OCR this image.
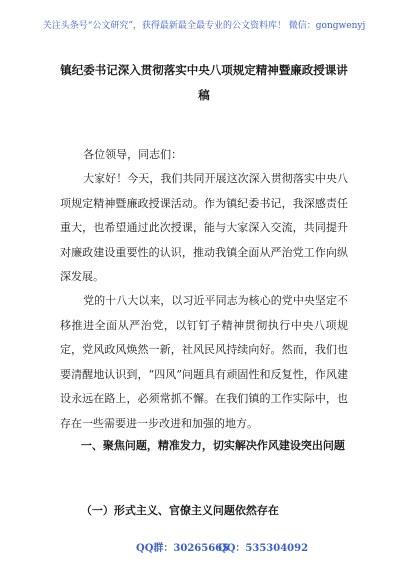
关注头条号“公文研究”，获得最新最全最专业的公文资料库！ 微信：gongwenyj
镇纪委书记深入贯彻落实中央八项规定精神暨廉政授课讲稿

各位领导，同志们：

大家好！今天，我们共同开展这次深入贯彻落实中央八项规定精神暨廉政授课活动。作为镇纪委书记，我深感责任重大，也希望通过此次授课，能与大家深入交流，共同提升对廉政建设重要性的认识，推动我镇全面从严治党工作向纵深发展。

党的十八大以来，以习近平同志为核心的党中央坚定不移推进全面从严治党，以钉钉子精神贯彻执行中央八项规定，党风政风焕然一新，社风民风持续向好。然而，我们也要清醒地认识到，“四风”问题具有顽固性和反复性，作风建设永远在路上，必须常抓不懈。在我们镇的工作实际中，也存在一些需要进一步改进和加强的地方。

一、聚焦问题，精准发力，切实解决作风建设突出问题
（一）形式主义、官僚主义问题依然存在
QQ群：30265665
QQ：535304092
